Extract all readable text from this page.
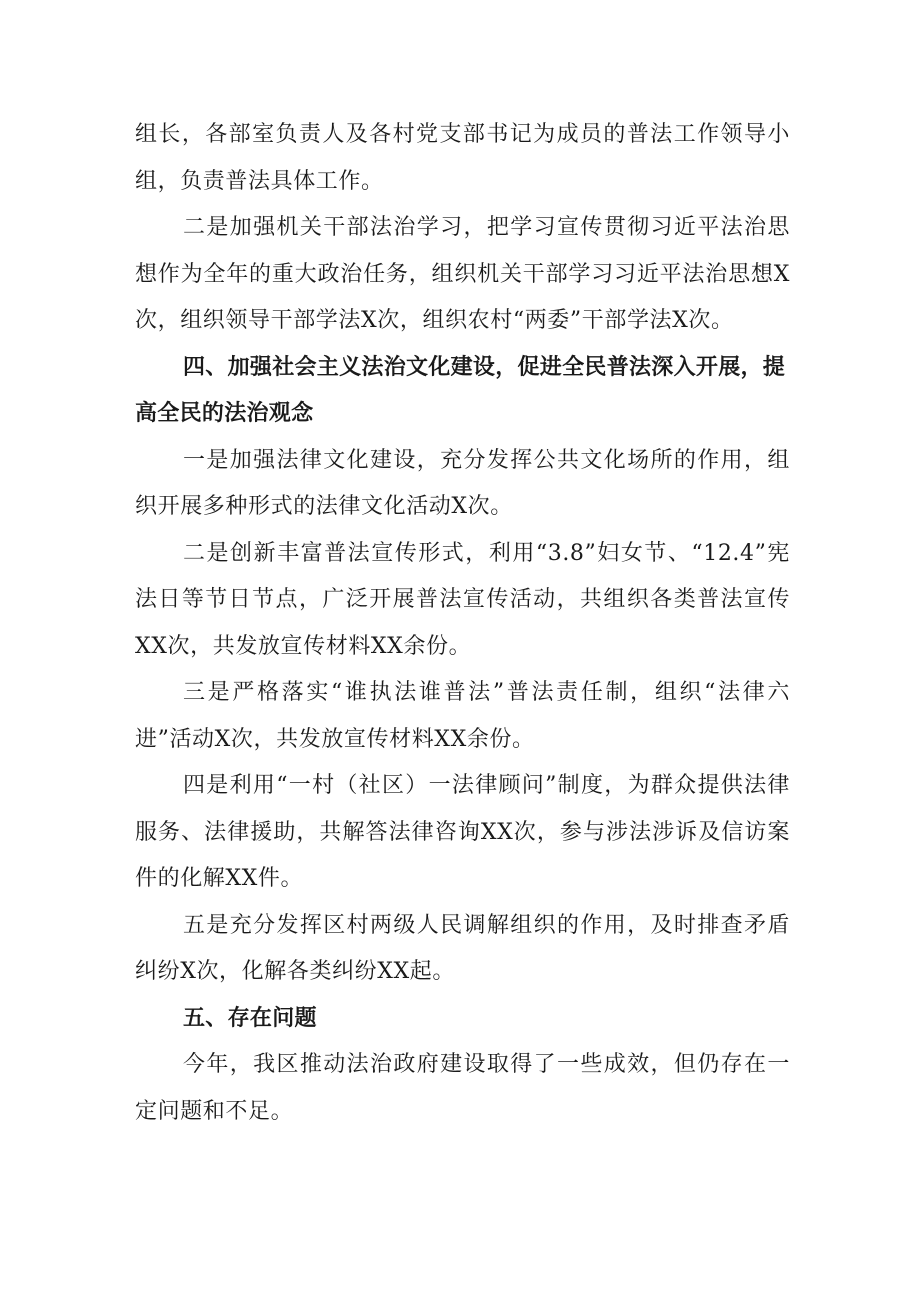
组长，各部室负责人及各村党支部书记为成员的普法工作领导小组，负责普法具体工作。

二是加强机关干部法治学习，把学习宣传贯彻习近平法治思想作为全年的重大政治任务，组织机关干部学习习近平法治思想X次，组织领导干部学法X次，组织农村“两委”干部学法X次。

四、加强社会主义法治文化建设，促进全民普法深入开展，提高全民的法治观念

一是加强法律文化建设，充分发挥公共文化场所的作用，组织开展多种形式的法律文化活动X次。

二是创新丰富普法宣传形式，利用“3.8”妇女节、“12.4”宪法日等节日节点，广泛开展普法宣传活动，共组织各类普法宣传XX次，共发放宣传材料XX余份。

三是严格落实“谁执法谁普法”普法责任制，组织“法律六进”活动X次，共发放宣传材料XX余份。

四是利用“一村（社区）一法律顾问”制度，为群众提供法律服务、法律援助，共解答法律咨询XX次，参与涉法涉诉及信访案件的化解XX件。

五是充分发挥区村两级人民调解组织的作用，及时排查矛盾纠纷X次，化解各类纠纷XX起。

五、存在问题

今年，我区推动法治政府建设取得了一些成效，但仍存在一定问题和不足。
